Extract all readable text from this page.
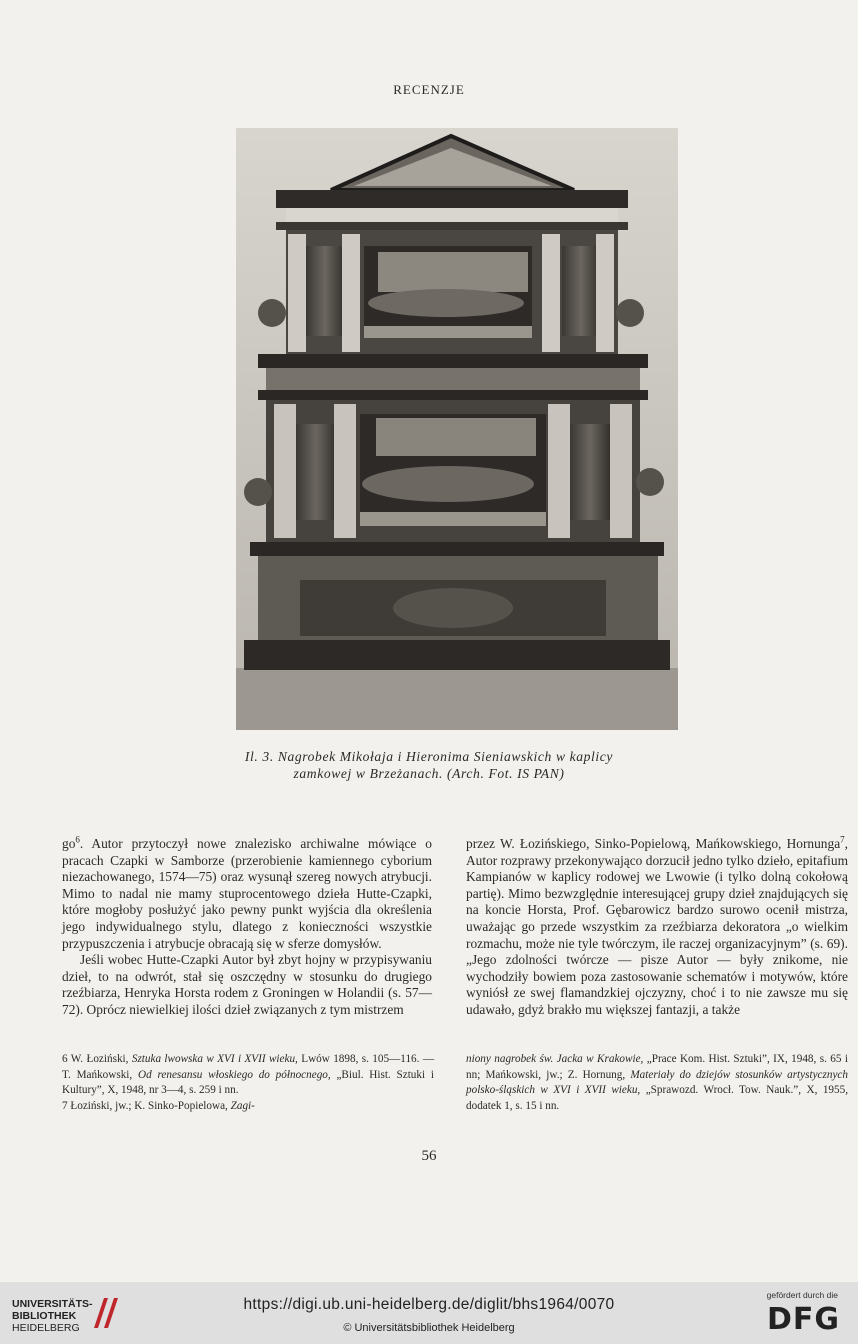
RECENZJE
Il. 3. Nagrobek Mikołaja i Hieronima Sieniawskich w kaplicy
zamkowej w Brzeżanach. (Arch. Fot. IS PAN)

$go^6$. Autor przytoczył nowe znalezisko archiwalne mówiące o pracach Czapki w Samborze (przerobienie kamiennego cyborium niezachowanego, 1574—75) oraz wysunął szereg nowych atrybucji. Mimo to nadal nie mamy stuprocentowego dzieła Hutte-Czapki, które mogłoby posłużyć jako pewny punkt wyjścia dla określenia jego indywidualnego stylu, dlatego z konieczności wszystkie przypuszczenia i atrybucje obracają się w sferze domysłów.

Jeśli wobec Hutte-Czapki Autor był zbyt hojny w przypisywaniu dzieł, to na odwrót, stał się oszczędny w stosunku do drugiego rzeźbiarza, Henryka Horsta rodem z Groningen w Holandii (s. 57—72). Oprócz niewielkiej ilości dzieł związanych z tym mistrzem

przez W. Łozińskiego, Sinko-Popielową, Mańkowskiego, Hornunga$^7$, Autor rozprawy przekonywająco dorzucił jedno tylko dzieło, epitafium Kampianów w kaplicy rodowej we Lwowie (i tylko dolną cokołową partię). Mimo bezwzględnie interesującej grupy dzieł znajdujących się na koncie Horsta, Prof. Gębarowicz bardzo surowo ocenił mistrza, uważając go przede wszystkim za rzeźbiarza dekoratora „o wielkim rozmachu, może nie tyle twórczym, ile raczej organizacyjnym” (s. 69). „Jego zdolności twórcze — pisze Autor — były znikome, nie wychodziły bowiem poza zastosowanie schematów i motywów, które wyniósł ze swej flamandzkiej ojczyzny, choć i to nie zawsze mu się udawało, gdyż brakło mu większej fantazji, a także

6 W. Łoziński, Sztuka lwowska w XVI i XVII wieku, Lwów 1898, s. 105—116. — T. Mańkowski, Od renesansu włoskiego do północnego, „Biul. Hist. Sztuki i Kultury”, X, 1948, nr 3—4, s. 259 i nn.

7 Łoziński, jw.; K. Sinko-Popielowa, Zagi-

niony nagrobek św. Jacka w Krakowie, „Prace Kom. Hist. Sztuki”, IX, 1948, s. 65 i nn; Mańkowski, jw.; Z. Hornung, Materiały do dziejów stosunków artystycznych polsko-śląskich w XVI i XVII wieku, „Sprawozd. Wrocł. Tow. Nauk.”, X, 1955, dodatek 1, s. 15 i nn.

56
UNIVERSITÄTS-
BIBLIOTHEK
HEIDELBERG
https://digi.ub.uni-heidelberg.de/diglit/bhs1964/0070
© Universitätsbibliothek Heidelberg
gefördert durch die
DFG
